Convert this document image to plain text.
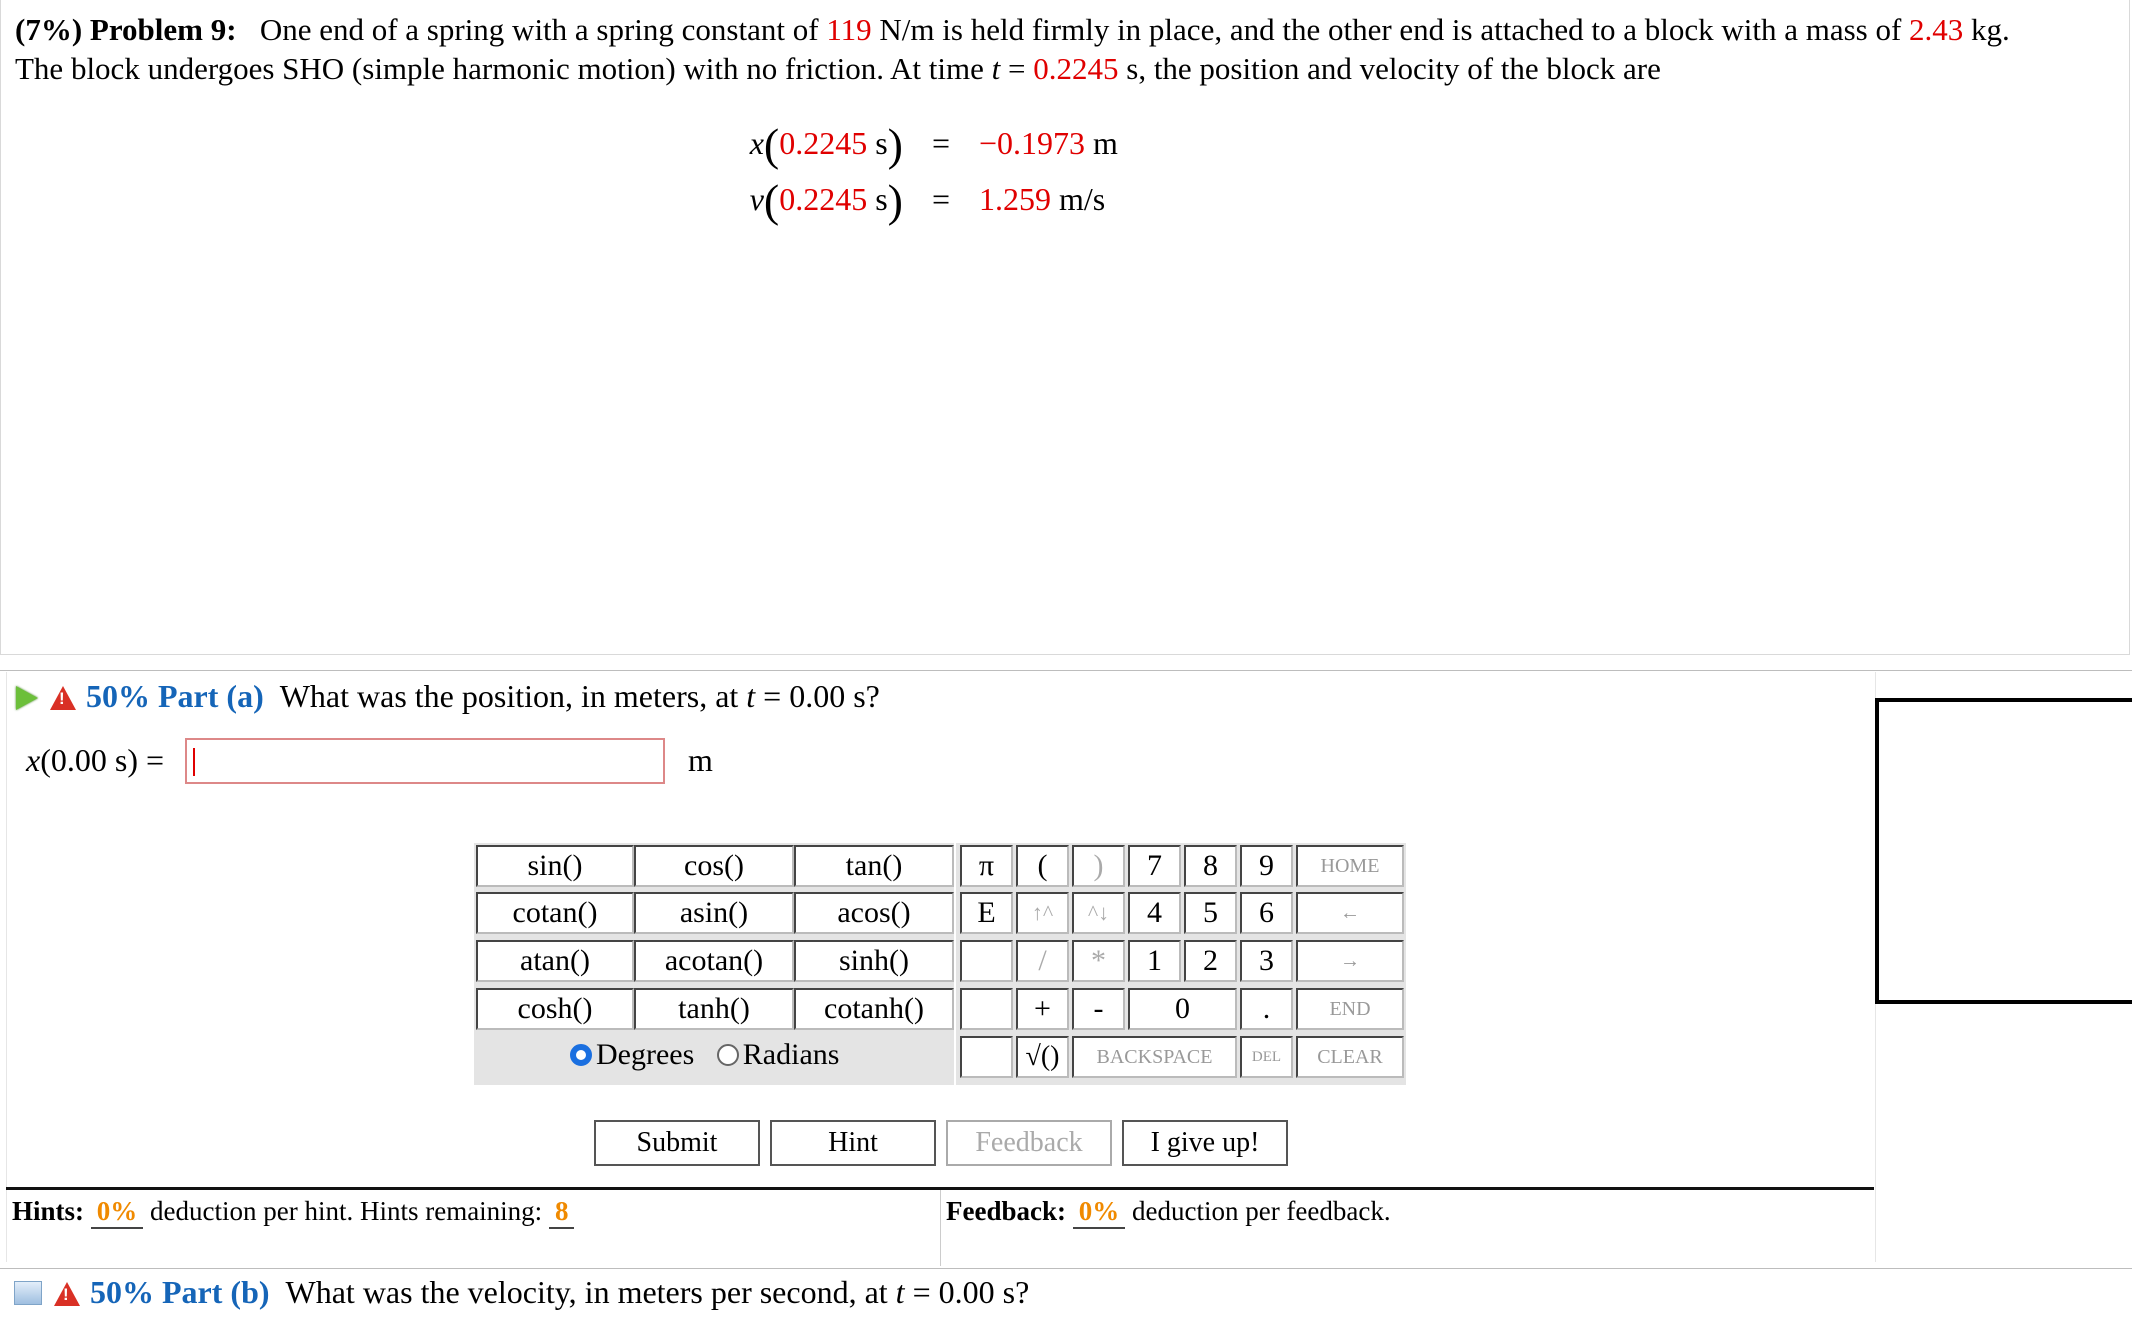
(7%) Problem 9: One end of a spring with a spring constant of 119 N/m is held firmly in place, and the other end is attached to a block with a mass of 2.43 kg.
The block undergoes SHO (simple harmonic motion) with no friction. At time t = 0.2245 s, the position and velocity of the block are
x(0.2245 s) = −0.1973 m
v(0.2245 s) = 1.259 m/s
!50% Part (a) What was the position, in meters, at t = 0.00 s?
x(0.00 s) =	m
sin()	cos()	tan()
cotan()	asin()	acos()
atan()	acotan()	sinh()
cosh()	tanh()	cotanh()
Degrees Radians
π	(	)	7	8	9	HOME
E	↑^	^↓	4	5	6	←
/	*	1	2	3	→
+	-	0	.	END
√()	BACKSPACE	DEL	CLEAR
Submit	Hint	Feedback	I give up!
Hints: 0% deduction per hint. Hints remaining: 8	Feedback: 0% deduction per feedback.
!50% Part (b) What was the velocity, in meters per second, at t = 0.00 s?
